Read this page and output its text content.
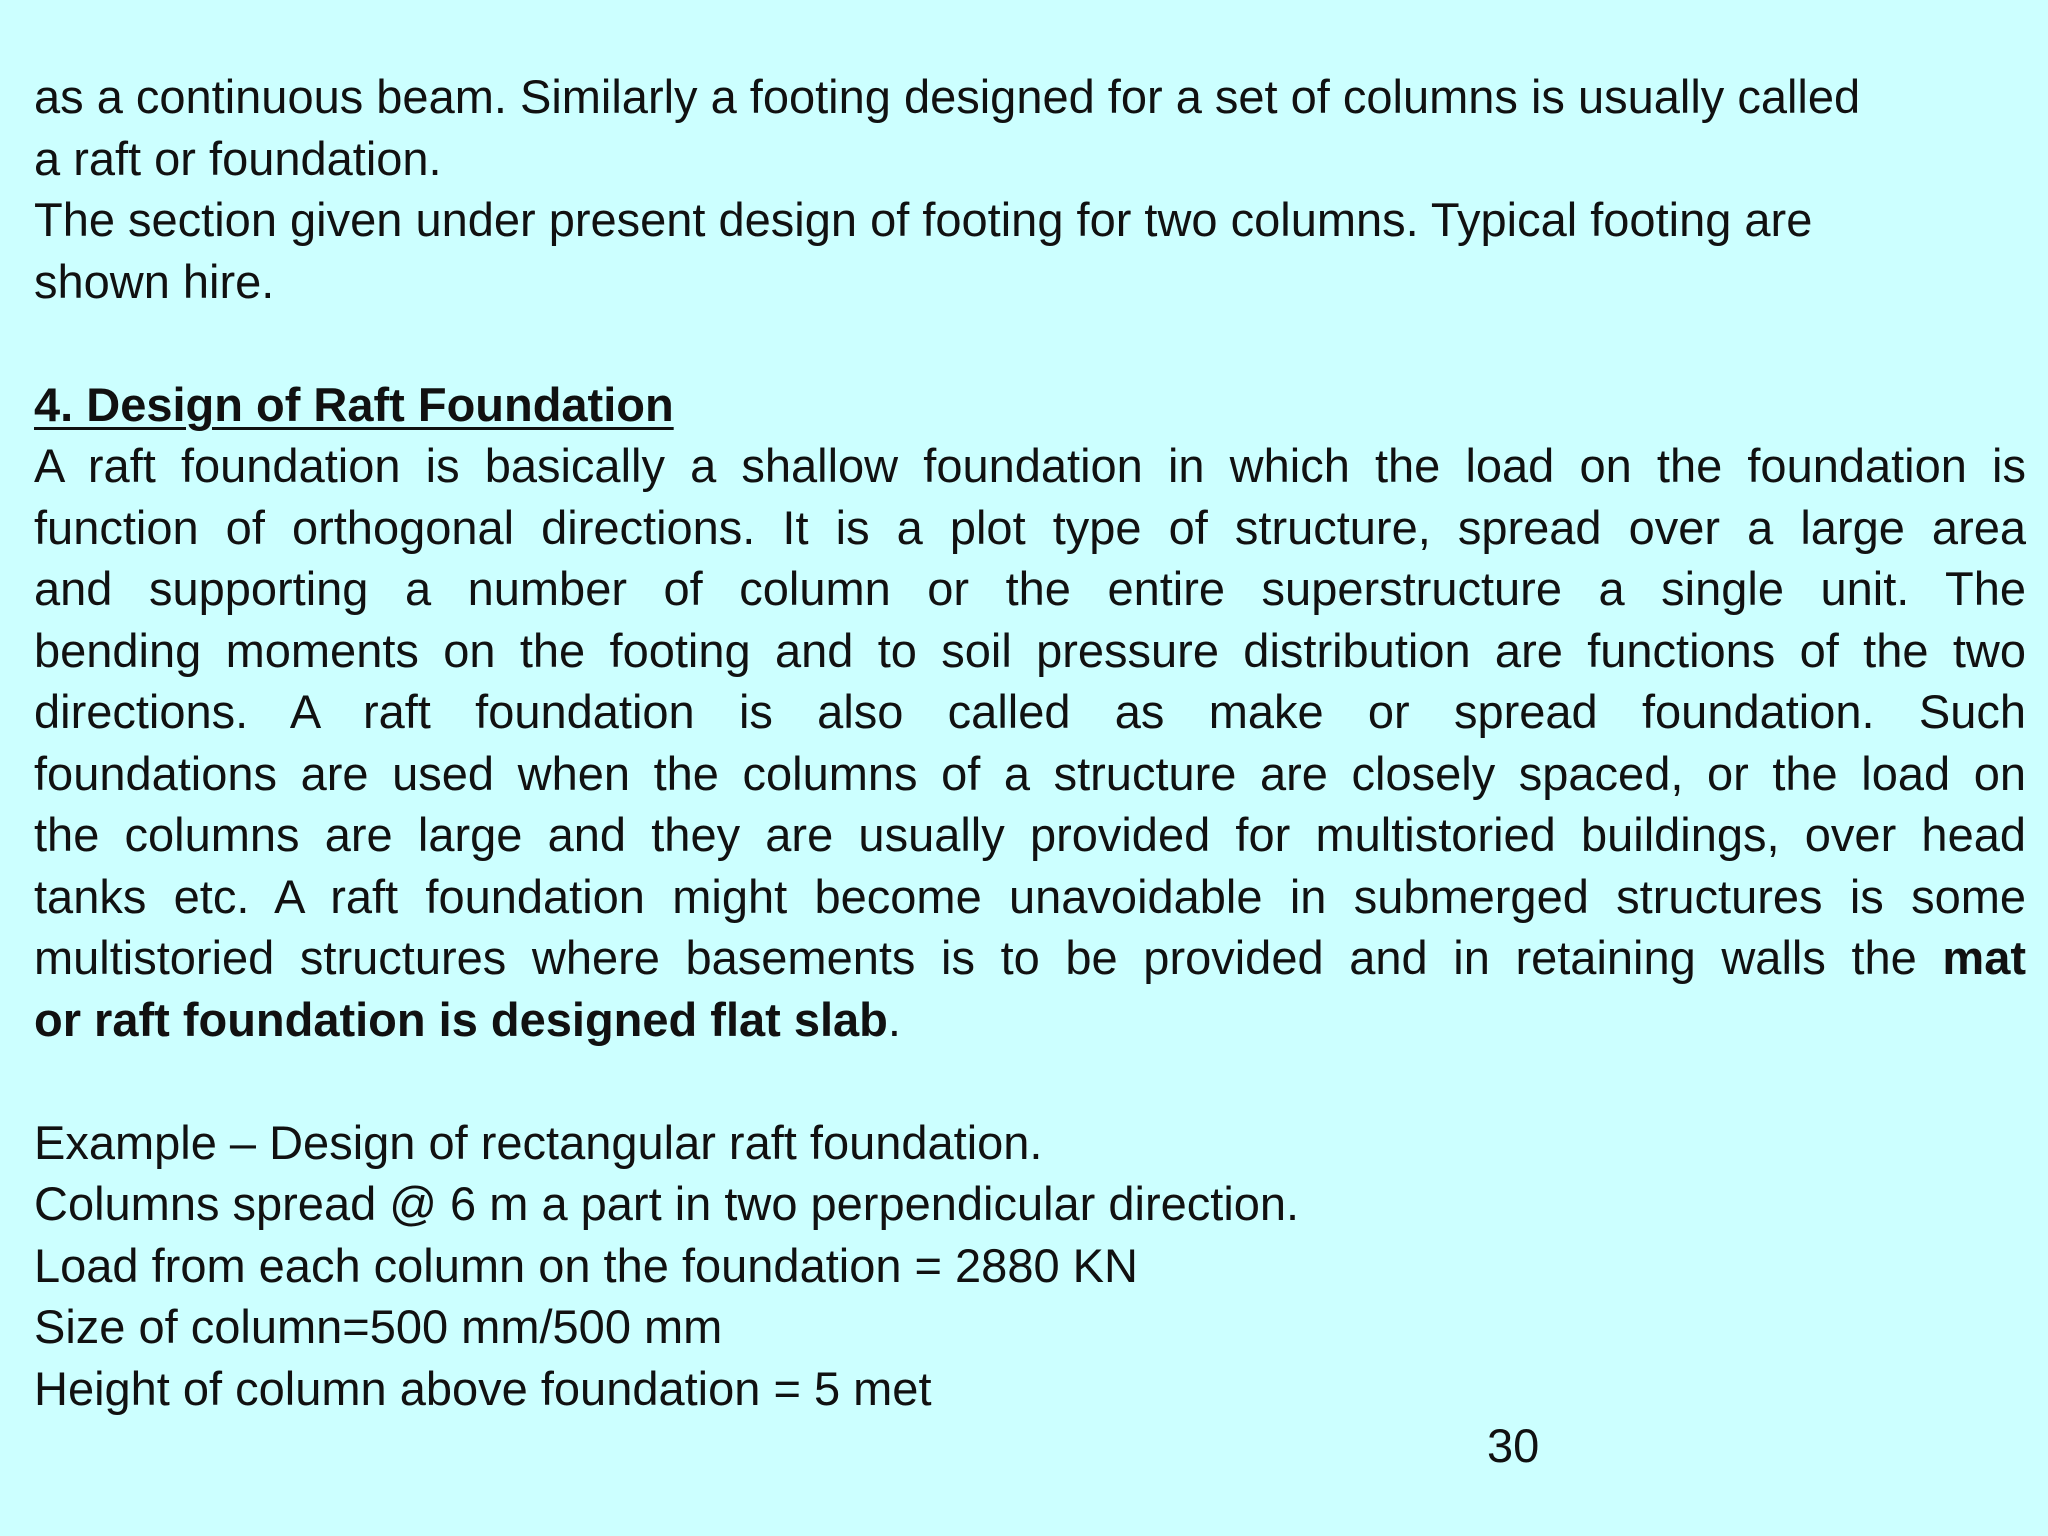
as a continuous beam. Similarly a footing designed for a set of columns is usually called
a raft or foundation.
The section given under present design of footing for two columns. Typical footing are
shown hire.
4. Design of Raft Foundation
A raft foundation is basically a shallow foundation in which the load on the foundation is
function of orthogonal directions. It is a plot type of structure, spread over a large area
and supporting a number of column or the entire superstructure a single unit. The
bending moments on the footing and to soil pressure distribution are functions of the two
directions. A raft foundation is also called as make or spread foundation. Such
foundations are used when the columns of a structure are closely spaced, or the load on
the columns are large and they are usually provided for multistoried buildings, over head
tanks etc. A raft foundation might become unavoidable in submerged structures is some
multistoried structures where basements is to be provided and in retaining walls the mat
or raft foundation is designed flat slab.
Example – Design of rectangular raft foundation.
Columns spread @ 6 m a part in two perpendicular direction.
Load from each column on the foundation = 2880 KN
Size of column=500 mm/500 mm
Height of column above foundation = 5 met
30
